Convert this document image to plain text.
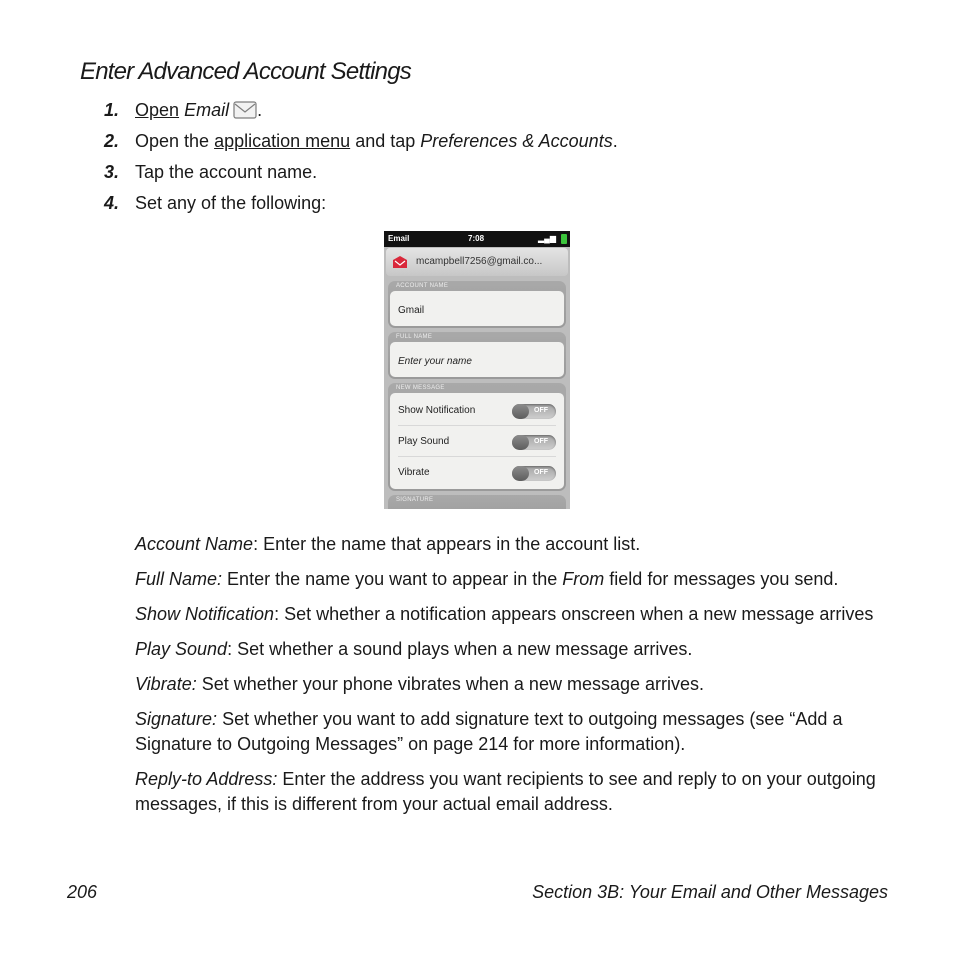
Enter Advanced Account Settings
1. Open Email .
2. Open the application menu and tap Preferences & Accounts.
3. Tap the account name.
4. Set any of the following:
Email	7:08	▂▄▆
mcampbell7256@gmail.co...
ACCOUNT NAME
Gmail
FULL NAME
Enter your name
NEW MESSAGE
Show Notification	OFF
Play Sound	OFF
Vibrate	OFF
SIGNATURE

Account Name: Enter the name that appears in the account list.

Full Name: Enter the name you want to appear in the From field for messages you send.

Show Notification: Set whether a notification appears onscreen when a new message arrives

Play Sound: Set whether a sound plays when a new message arrives.

Vibrate: Set whether your phone vibrates when a new message arrives.

Signature: Set whether you want to add signature text to outgoing messages (see “Add a Signature to Outgoing Messages” on page 214 for more information).

Reply-to Address: Enter the address you want recipients to see and reply to on your outgoing messages, if this is different from your actual email address.

206	Section 3B: Your Email and Other Messages
